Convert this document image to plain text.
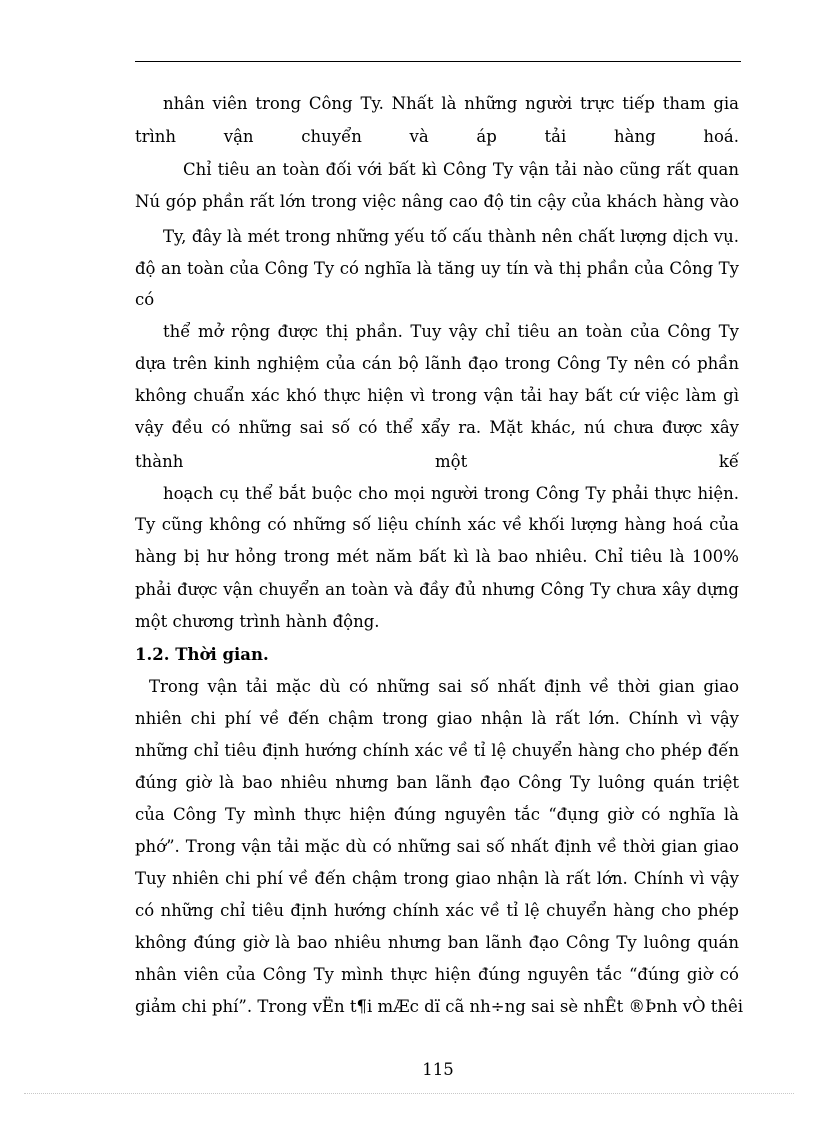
nhân viên trong Công Ty. Nhất là những người trực tiếp tham gia
trình vận chuyển và áp tải hàng hoá.
Chỉ tiêu an toàn đối với bất kì Công Ty vận tải nào cũng rất quan
Nú góp phần rất lớn trong việc nâng cao độ tin cậy của khách hàng vào
Ty, đây là mét trong những yếu tố cấu thành nên chất lượng dịch vụ.
độ an toàn của Công Ty có nghĩa là tăng uy tín và thị phần của Công Ty
có
thể mở rộng được thị phần. Tuy vậy chỉ tiêu an toàn của Công Ty
dựa trên kinh nghiệm của cán bộ lãnh đạo trong Công Ty nên có phần
không chuẩn xác khó thực hiện vì trong vận tải hay bất cứ việc làm gì
vậy đều có những sai số có thể xẩy ra. Mặt khác, nú chưa được xây
thành một kế
hoạch cụ thể bắt buộc cho mọi người trong Công Ty phải thực hiện.
Ty cũng không có những số liệu chính xác về khối lượng hàng hoá của
hàng bị hư hỏng trong mét năm bất kì là bao nhiêu. Chỉ tiêu là 100%
phải được vận chuyển an toàn và đầy đủ nhưng Công Ty chưa xây dựng
một chương trình hành động.
1.2. Thời gian.
Trong vận tải mặc dù có những sai số nhất định về thời gian giao
nhiên chi phí về đến chậm trong giao nhận là rất lớn. Chính vì vậy
những chỉ tiêu định hướng chính xác về tỉ lệ chuyển hàng cho phép đến
đúng giờ là bao nhiêu nhưng ban lãnh đạo Công Ty luông quán triệt
của Công Ty mình thực hiện đúng nguyên tắc “đụng giờ có nghĩa là
phớ”. Trong vận tải mặc dù có những sai số nhất định về thời gian giao
Tuy nhiên chi phí về đến chậm trong giao nhận là rất lớn. Chính vì vậy
có những chỉ tiêu định hướng chính xác về tỉ lệ chuyển hàng cho phép
không đúng giờ là bao nhiêu nhưng ban lãnh đạo Công Ty luông quán
nhân viên của Công Ty mình thực hiện đúng nguyên tắc “đúng giờ có
giảm chi phí”. Trong vËn t¶i mÆc dï cã nh÷ng sai sè nhÊt ®Þnh vÒ thêi
115
